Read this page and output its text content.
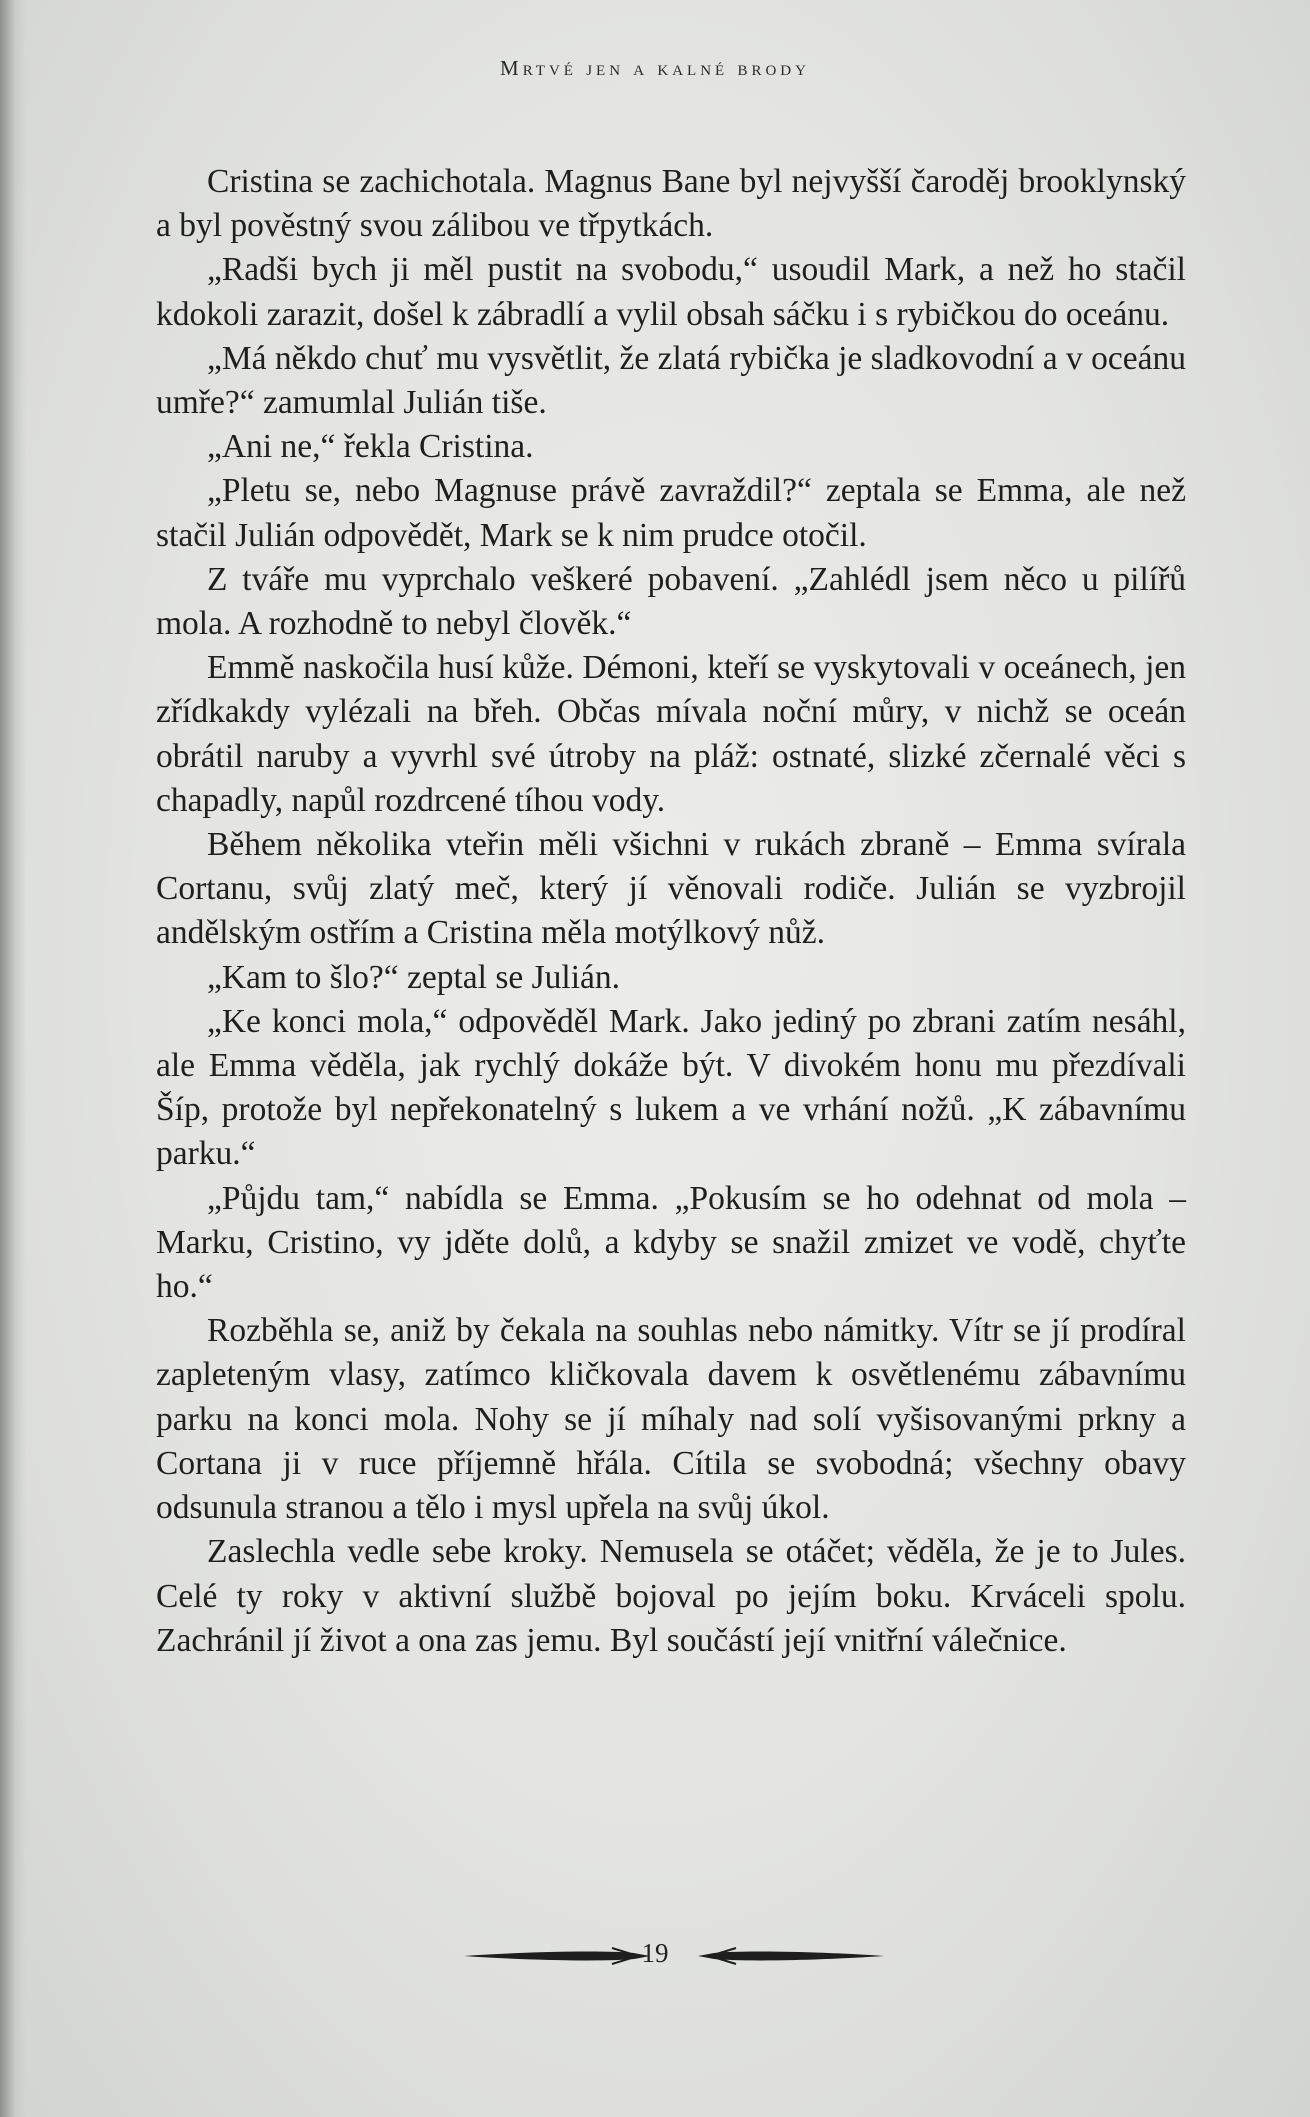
Mrtvé jen a kalné brody

Cristina se zachichotala. Magnus Bane byl nejvyšší čaroděj brooklynský a byl pověstný svou zálibou ve třpytkách.

„Radši bych ji měl pustit na svobodu,“ usoudil Mark, a než ho stačil kdokoli zarazit, došel k zábradlí a vylil obsah sáčku i s rybičkou do oceánu.

„Má někdo chuť mu vysvětlit, že zlatá rybička je sladkovodní a v oceánu umře?“ zamumlal Julián tiše.

„Ani ne,“ řekla Cristina.

„Pletu se, nebo Magnuse právě zavraždil?“ zeptala se Emma, ale než stačil Julián odpovědět, Mark se k nim prudce otočil.

Z tváře mu vyprchalo veškeré pobavení. „Zahlédl jsem něco u pilířů mola. A rozhodně to nebyl člověk.“

Emmě naskočila husí kůže. Démoni, kteří se vyskytovali v oceánech, jen zřídkakdy vylézali na břeh. Občas mívala noční můry, v nichž se oceán obrátil naruby a vyvrhl své útroby na pláž: ostnaté, slizké zčernalé věci s chapadly, napůl rozdrcené tíhou vody.

Během několika vteřin měli všichni v rukách zbraně – Emma svírala Cortanu, svůj zlatý meč, který jí věnovali rodiče. Julián se vyzbrojil andělským ostřím a Cristina měla motýlkový nůž.

„Kam to šlo?“ zeptal se Julián.

„Ke konci mola,“ odpověděl Mark. Jako jediný po zbrani zatím nesáhl, ale Emma věděla, jak rychlý dokáže být. V divokém honu mu přezdívali Šíp, protože byl nepřekonatelný s lukem a ve vrhání nožů. „K zábavnímu parku.“

„Půjdu tam,“ nabídla se Emma. „Pokusím se ho odehnat od mola – Marku, Cristino, vy jděte dolů, a kdyby se snažil zmizet ve vodě, chyťte ho.“

Rozběhla se, aniž by čekala na souhlas nebo námitky. Vítr se jí prodíral zapleteným vlasy, zatímco kličkovala davem k osvětlenému zábavnímu parku na konci mola. Nohy se jí míhaly nad solí vyšisovanými prkny a Cortana ji v ruce příjemně hřála. Cítila se svobodná; všechny obavy odsunula stranou a tělo i mysl upřela na svůj úkol.

Zaslechla vedle sebe kroky. Nemusela se otáčet; věděla, že je to Jules. Celé ty roky v aktivní službě bojoval po jejím boku. Krváceli spolu. Zachránil jí život a ona zas jemu. Byl součástí její vnitřní válečnice.

19
